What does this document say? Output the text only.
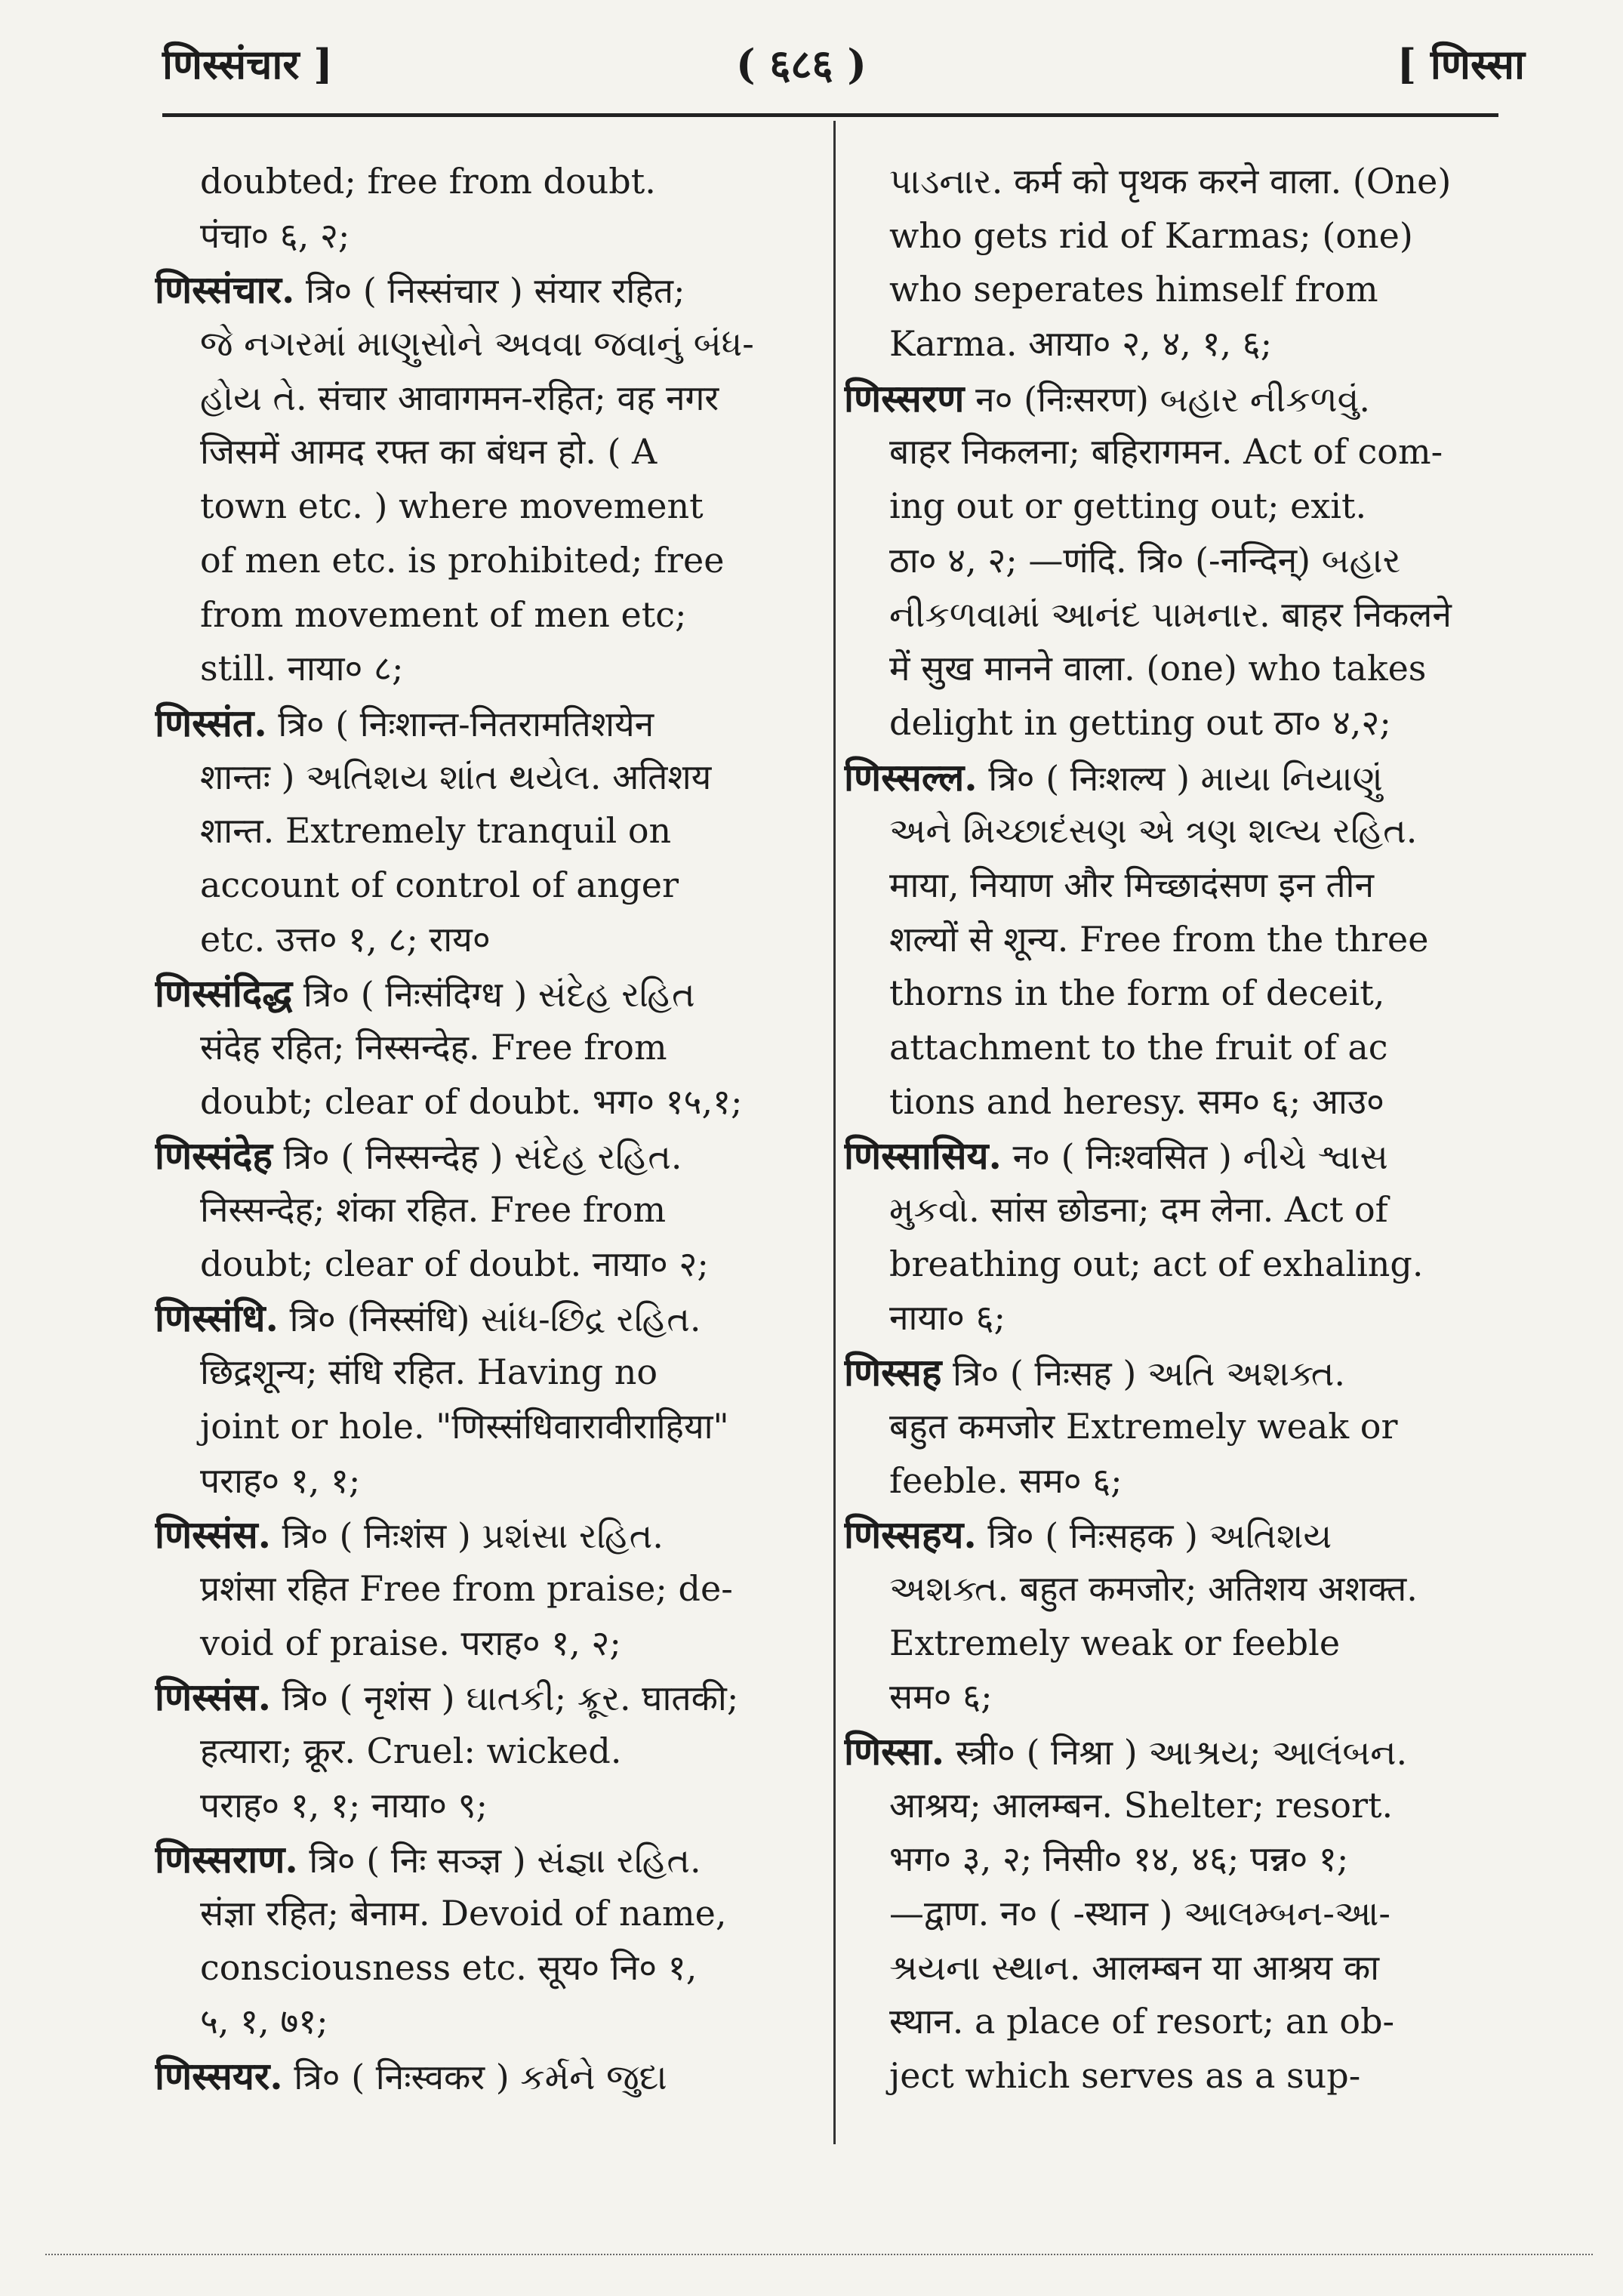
णिस्संचार ]	( ६८६ )	[ णिस्सा
doubted; free from doubt.
पंचा० ६, २;
णिस्संचार. त्रि० ( निस्संचार ) संयार रहित;
જે નગરમાં માણુસોને અવવા જવાનું બંધ-
હોય તે. संचार आवागमन-रहित; वह नगर
जिसमें आमद रफ्त का बंधन हो. ( A
town etc. ) where movement
of men etc. is prohibited; free
from movement of men etc;
still. नाया० ८;
णिस्संत. त्रि० ( निःशान्त-नितरामतिशयेन
शान्तः ) અતિશય શાંત થયેલ. अतिशय
शान्त. Extremely tranquil on
account of control of anger
etc. उत्त० १, ८; राय०
णिस्संदिद्ध त्रि० ( निःसंदिग्ध ) સંદેહ રહિત
संदेह रहित; निस्सन्देह. Free from
doubt; clear of doubt. भग० १५,१;
णिस्संदेह त्रि० ( निस्सन्देह ) સંદેહ રહિત.
निस्सन्देह; शंका रहित. Free from
doubt; clear of doubt. नाया० २;
णिस्संधि. त्रि० (निस्संधि) સાંધ-છિદ્ર રહિત.
छिद्रशून्य; संधि रहित. Having no
joint or hole. "णिस्संधिवारावीराहिया"
पराह० १, १;
णिस्संस. त्रि० ( निःशंस ) પ્રશંસા રહિત.
प्रशंसा रहित Free from praise; de-
void of praise. पराह० १, २;
णिस्संस. त्रि० ( नृशंस ) ઘાતકી; ક્રૂર. घातकी;
हत्यारा; क्रूर. Cruel: wicked.
पराह० १, १; नाया० ९;
णिस्सराण. त्रि० ( निः सञ्ज्ञ ) સંજ્ઞા રહિત.
संज्ञा रहित; बेनाम. Devoid of name,
consciousness etc. सूय० नि० १,
५, १, ७१;
णिस्सयर. त्रि० ( निःस्वकर ) કર્મને જુદા
પાડનાર. कर्म को पृथक करने वाला. (One)
who gets rid of Karmas; (one)
who seperates himself from
Karma. आया० २, ४, १, ६;
णिस्सरण न० (निःसरण) બહાર નીકળવું.
बाहर निकलना; बहिरागमन. Act of com-
ing out or getting out; exit.
ठा० ४, २; —णंदि. त्रि० (-नन्दिन्) બહાર
નીકળવામાં આનંદ પામનાર. बाहर निकलने
में सुख मानने वाला. (one) who takes
delight in getting out ठा० ४,२;
णिस्सल्ल. त्रि० ( निःशल्य ) માયા નિયાણું
અને મિચ્છાદંસણ એ ત્રણ શલ્ય રહિત.
माया, नियाण और मिच्छादंसण इन तीन
शल्यों से शून्य. Free from the three
thorns in the form of deceit,
attachment to the fruit of ac
tions and heresy. सम० ६; आउ०
णिस्सासिय. न० ( निःश्वसित ) નીચે શ્વાસ
મુકવો. सांस छोडना; दम लेना. Act of
breathing out; act of exhaling.
नाया० ६;
णिस्सह त्रि० ( निःसह ) અતિ અશક્ત.
बहुत कमजोर Extremely weak or
feeble. सम० ६;
णिस्सहय. त्रि० ( निःसहक ) અતિશય
અશક્ત. बहुत कमजोर; अतिशय अशक्त.
Extremely weak or feeble
सम० ६;
णिस्सा. स्त्री० ( निश्रा ) આશ્રય; આલંબન.
आश्रय; आलम्बन. Shelter; resort.
भग० ३, २; निसी० १४, ४६; पन्न० १;
—द्वाण. न० ( -स्थान ) આલમ્બન-આ-
શ્રયના સ્થાન. आलम्बन या आश्रय का
स्थान. a place of resort; an ob-
ject which serves as a sup-
